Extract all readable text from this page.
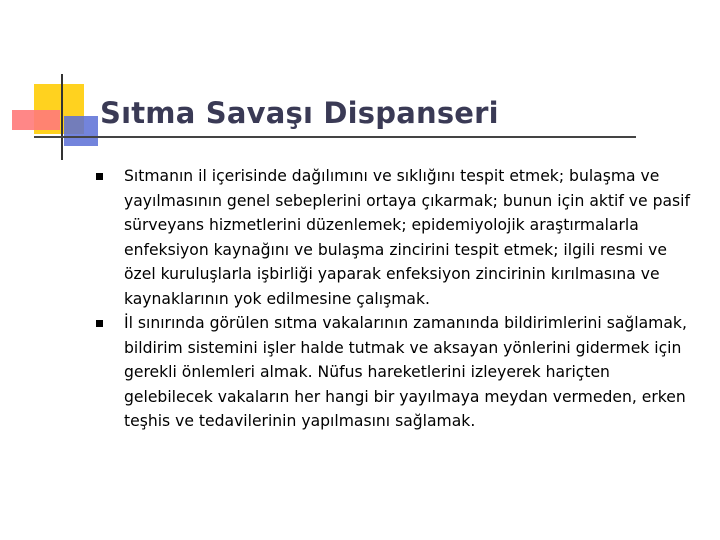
Sıtma Savaşı Dispanseri
Sıtmanın il içerisinde dağılımını ve sıklığını tespit etmek; bulaşma ve yayılmasının genel sebeplerini ortaya çıkarmak; bunun için aktif ve pasif sürveyans hizmetlerini düzenlemek; epidemiyolojik araştırmalarla enfeksiyon kaynağını ve bulaşma zincirini tespit etmek; ilgili resmi ve özel kuruluşlarla işbirliği yaparak enfeksiyon zincirinin kırılmasına ve kaynaklarının yok edilmesine çalışmak.
İl sınırında görülen sıtma vakalarının zamanında bildirimlerini sağlamak, bildirim sistemini işler halde tutmak ve aksayan yönlerini gidermek için gerekli önlemleri almak. Nüfus hareketlerini izleyerek hariçten gelebilecek vakaların her hangi bir yayılmaya meydan vermeden, erken teşhis ve tedavilerinin yapılmasını sağlamak.
